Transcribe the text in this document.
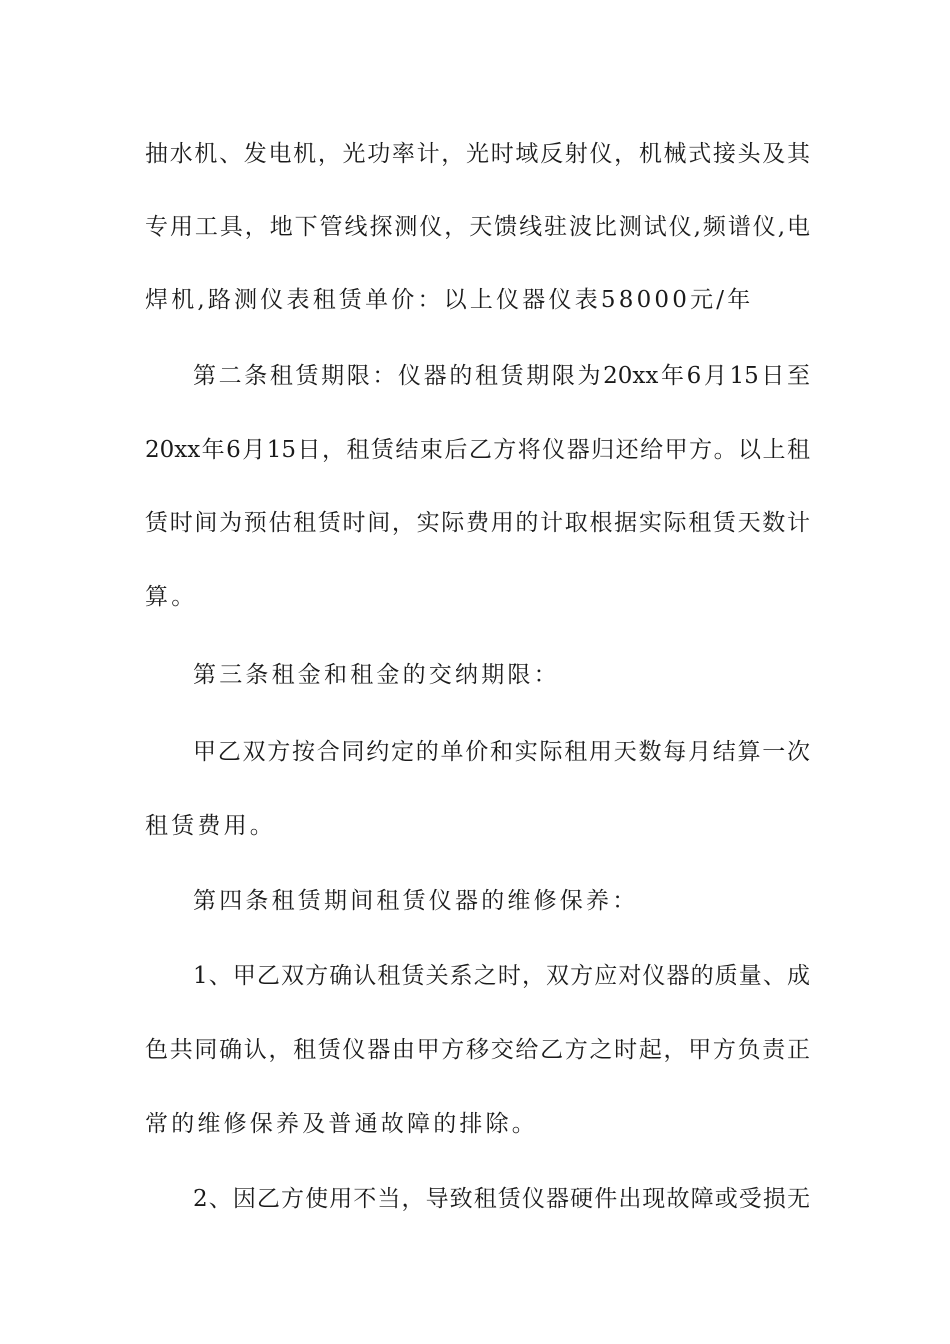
抽水机、发电机，光功率计，光时域反射仪，机械式接头及其

专用工具，地下管线探测仪，天馈线驻波比测试仪,频谱仪,电

焊机,路测仪表租赁单价：以上仪器仪表58000元/年

第二条租赁期限：仪器的租赁期限为20xx年6月15日至

20xx年6月15日，租赁结束后乙方将仪器归还给甲方。以上租

赁时间为预估租赁时间，实际费用的计取根据实际租赁天数计

算。

第三条租金和租金的交纳期限：

甲乙双方按合同约定的单价和实际租用天数每月结算一次

租赁费用。

第四条租赁期间租赁仪器的维修保养：

1、甲乙双方确认租赁关系之时，双方应对仪器的质量、成

色共同确认，租赁仪器由甲方移交给乙方之时起，甲方负责正

常的维修保养及普通故障的排除。

2、因乙方使用不当，导致租赁仪器硬件出现故障或受损无
